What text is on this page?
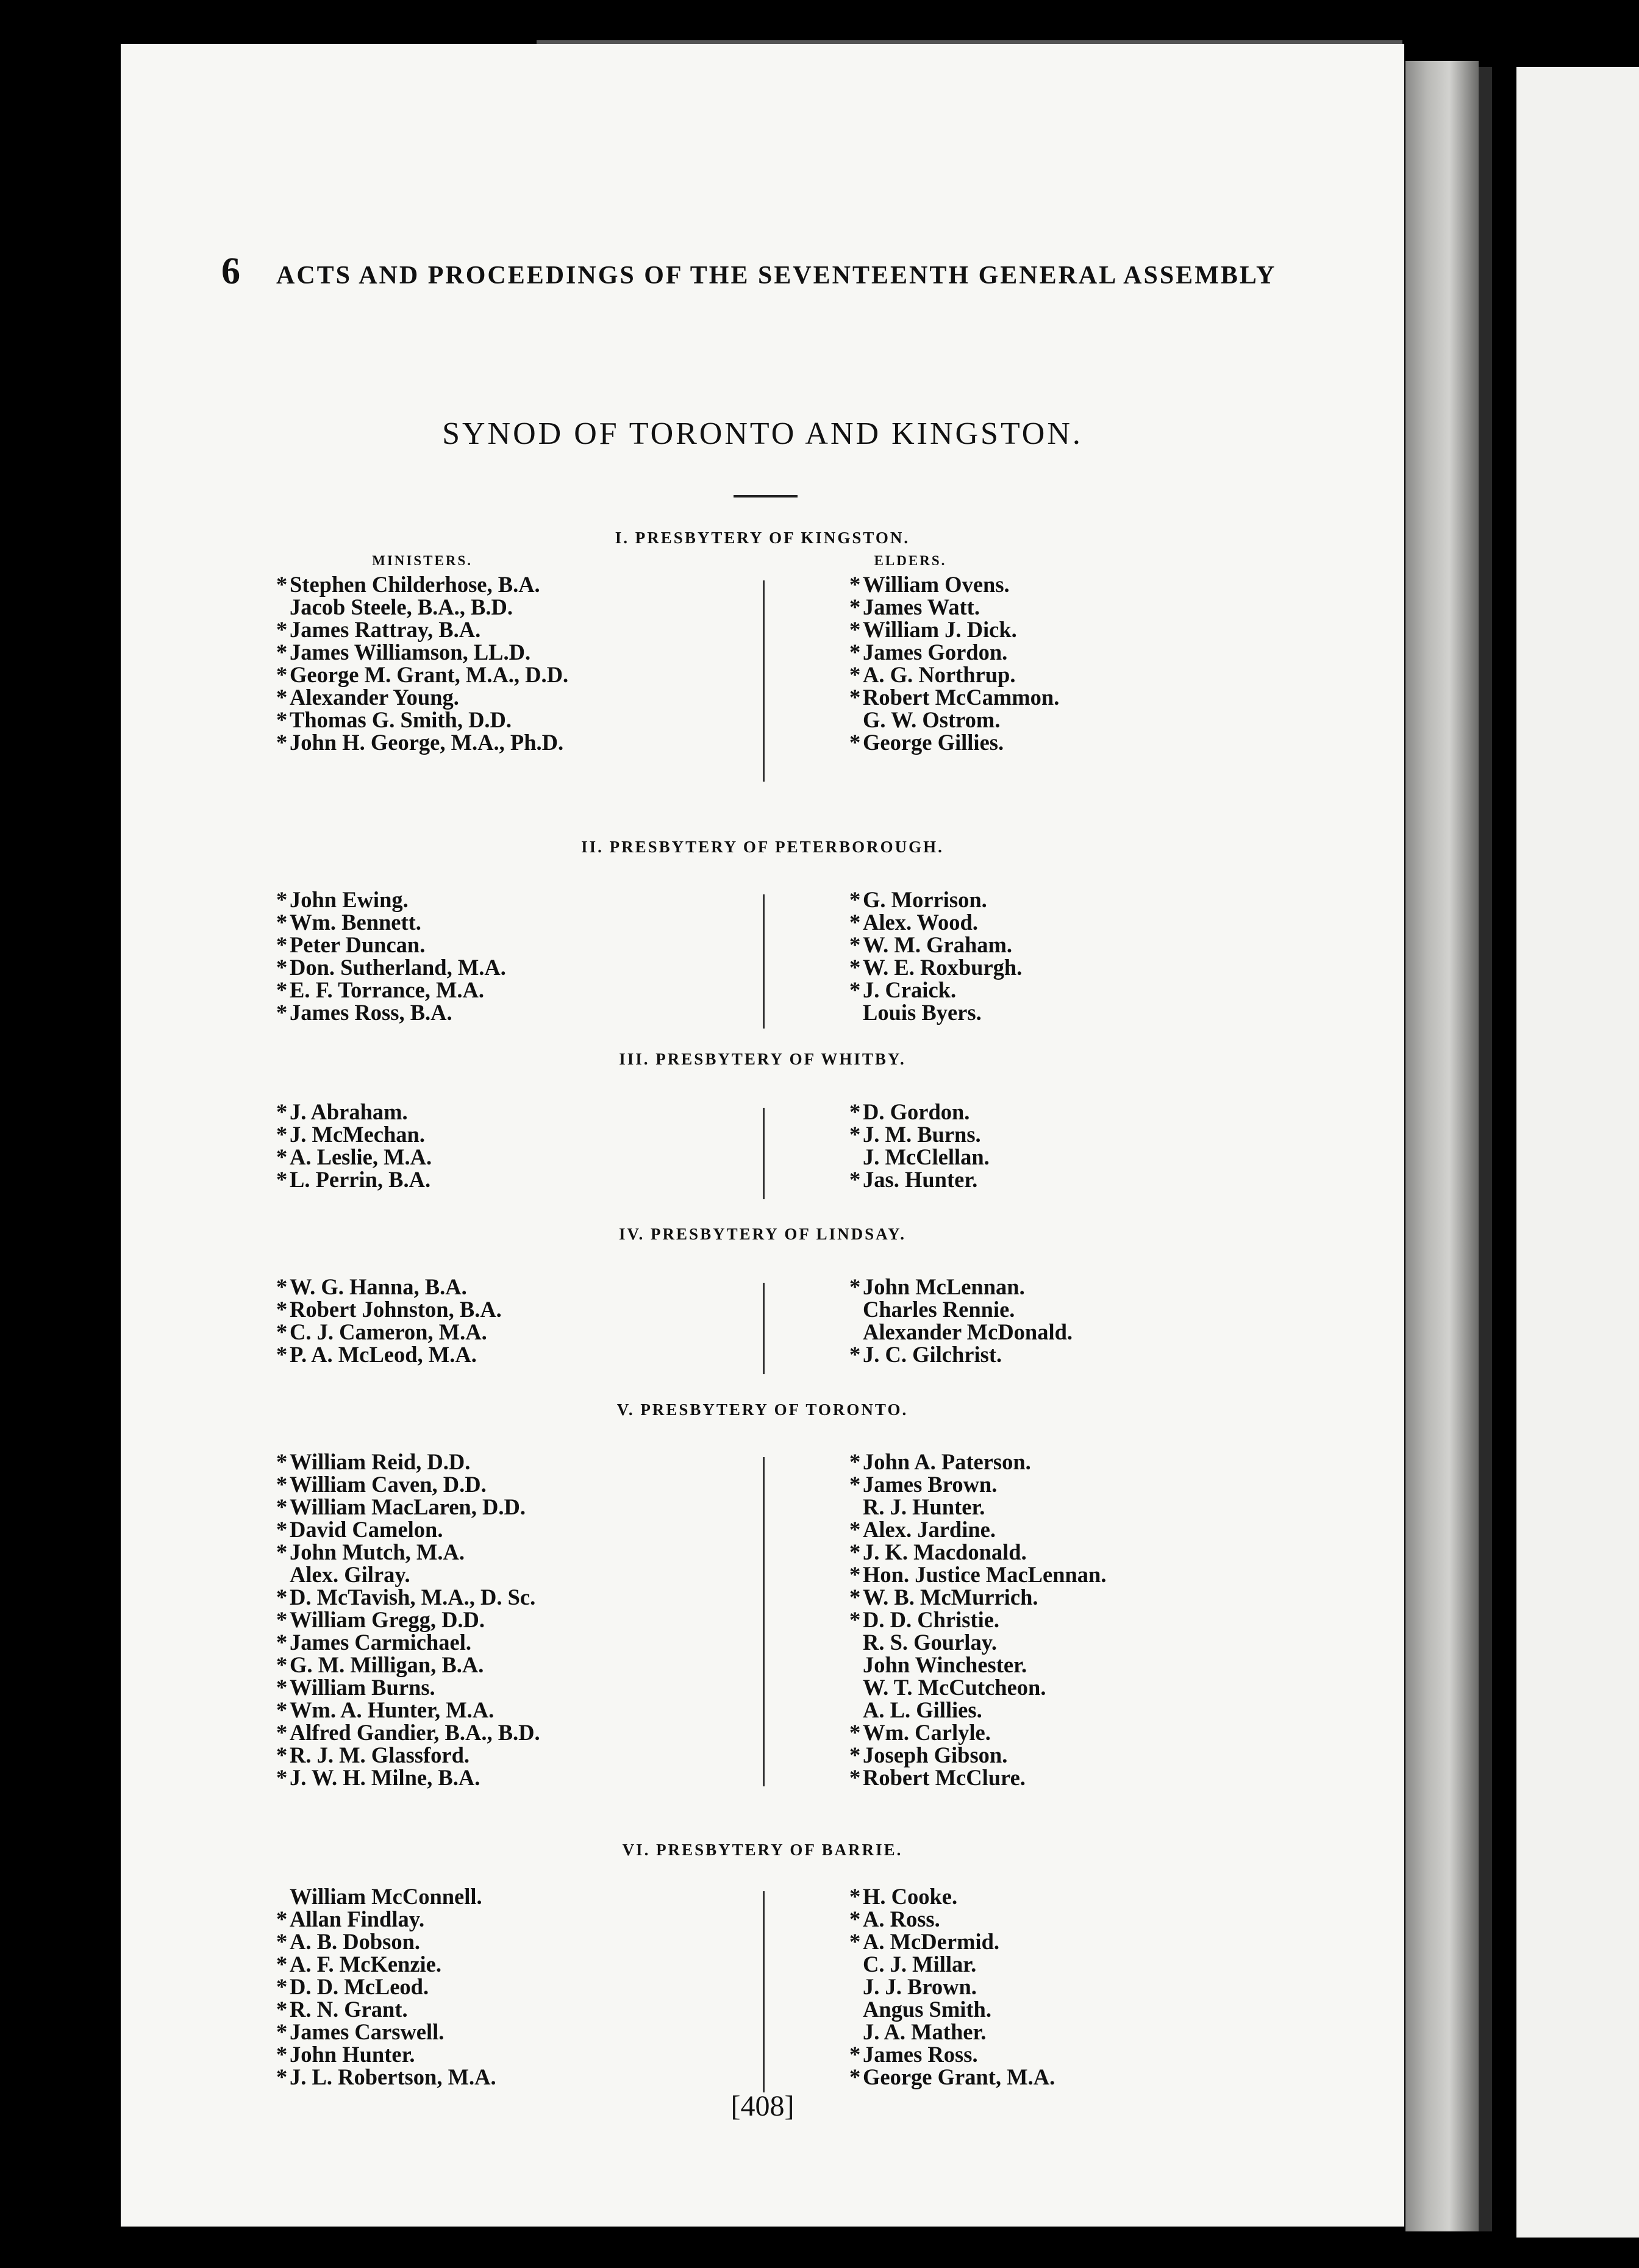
6	ACTS AND PROCEEDINGS OF THE SEVENTEENTH GENERAL ASSEMBLY
SYNOD OF TORONTO AND KINGSTON.
I. PRESBYTERY OF KINGSTON.
MINISTERS.
* Stephen Childerhose, B.A.
Jacob Steele, B.A., B.D.
* James Rattray, B.A.
* James Williamson, LL.D.
* George M. Grant, M.A., D.D.
* Alexander Young.
* Thomas G. Smith, D.D.
* John H. George, M.A., Ph.D.
ELDERS.
* William Ovens.
* James Watt.
* William J. Dick.
* James Gordon.
* A. G. Northrup.
* Robert McCammon.
G. W. Ostrom.
* George Gillies.
II. PRESBYTERY OF PETERBOROUGH.
* John Ewing.
* Wm. Bennett.
* Peter Duncan.
* Don. Sutherland, M.A.
* E. F. Torrance, M.A.
* James Ross, B.A.
* G. Morrison.
* Alex. Wood.
* W. M. Graham.
* W. E. Roxburgh.
* J. Craick.
Louis Byers.
III. PRESBYTERY OF WHITBY.
* J. Abraham.
* J. McMechan.
* A. Leslie, M.A.
* L. Perrin, B.A.
* D. Gordon.
* J. M. Burns.
J. McClellan.
* Jas. Hunter.
IV. PRESBYTERY OF LINDSAY.
* W. G. Hanna, B.A.
* Robert Johnston, B.A.
* C. J. Cameron, M.A.
* P. A. McLeod, M.A.
* John McLennan.
Charles Rennie.
Alexander McDonald.
* J. C. Gilchrist.
V. PRESBYTERY OF TORONTO.
* William Reid, D.D.
* William Caven, D.D.
* William MacLaren, D.D.
* David Camelon.
* John Mutch, M.A.
Alex. Gilray.
* D. McTavish, M.A., D. Sc.
* William Gregg, D.D.
* James Carmichael.
* G. M. Milligan, B.A.
* William Burns.
* Wm. A. Hunter, M.A.
* Alfred Gandier, B.A., B.D.
* R. J. M. Glassford.
* J. W. H. Milne, B.A.
* John A. Paterson.
* James Brown.
R. J. Hunter.
* Alex. Jardine.
* J. K. Macdonald.
* Hon. Justice MacLennan.
* W. B. McMurrich.
* D. D. Christie.
R. S. Gourlay.
John Winchester.
W. T. McCutcheon.
A. L. Gillies.
* Wm. Carlyle.
* Joseph Gibson.
* Robert McClure.
VI. PRESBYTERY OF BARRIE.
William McConnell.
* Allan Findlay.
* A. B. Dobson.
* A. F. McKenzie.
* D. D. McLeod.
* R. N. Grant.
* James Carswell.
* John Hunter.
* J. L. Robertson, M.A.
* H. Cooke.
* A. Ross.
* A. McDermid.
C. J. Millar.
J. J. Brown.
Angus Smith.
J. A. Mather.
* James Ross.
* George Grant, M.A.
[408]
